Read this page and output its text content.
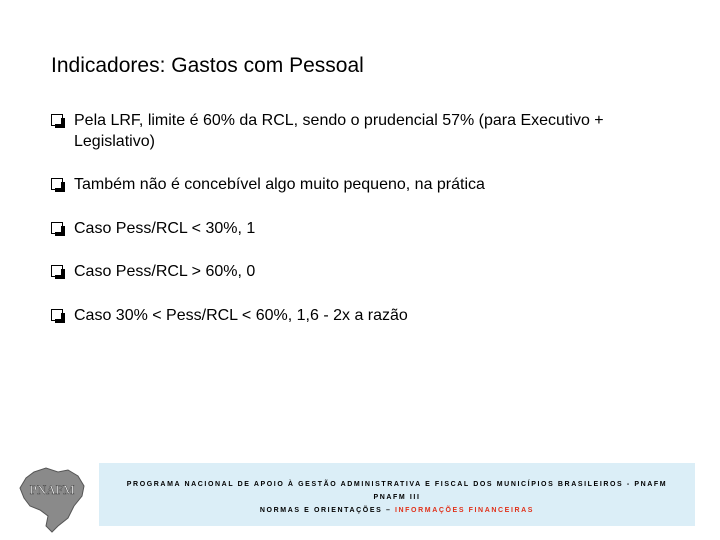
Indicadores: Gastos com Pessoal
Pela LRF, limite é 60% da RCL, sendo o prudencial 57% (para Executivo + Legislativo)
Também não é concebível algo muito pequeno, na prática
Caso Pess/RCL < 30%, 1
Caso Pess/RCL > 60%, 0
Caso 30% < Pess/RCL < 60%, 1,6 - 2x a razão
PNAFM	PROGRAMA NACIONAL DE APOIO À GESTÃO ADMINISTRATIVA E FISCAL DOS MUNICÍPIOS BRASILEIROS - PNAFM
PNAFM III
NORMAS E ORIENTAÇÕES – INFORMAÇÕES FINANCEIRAS
